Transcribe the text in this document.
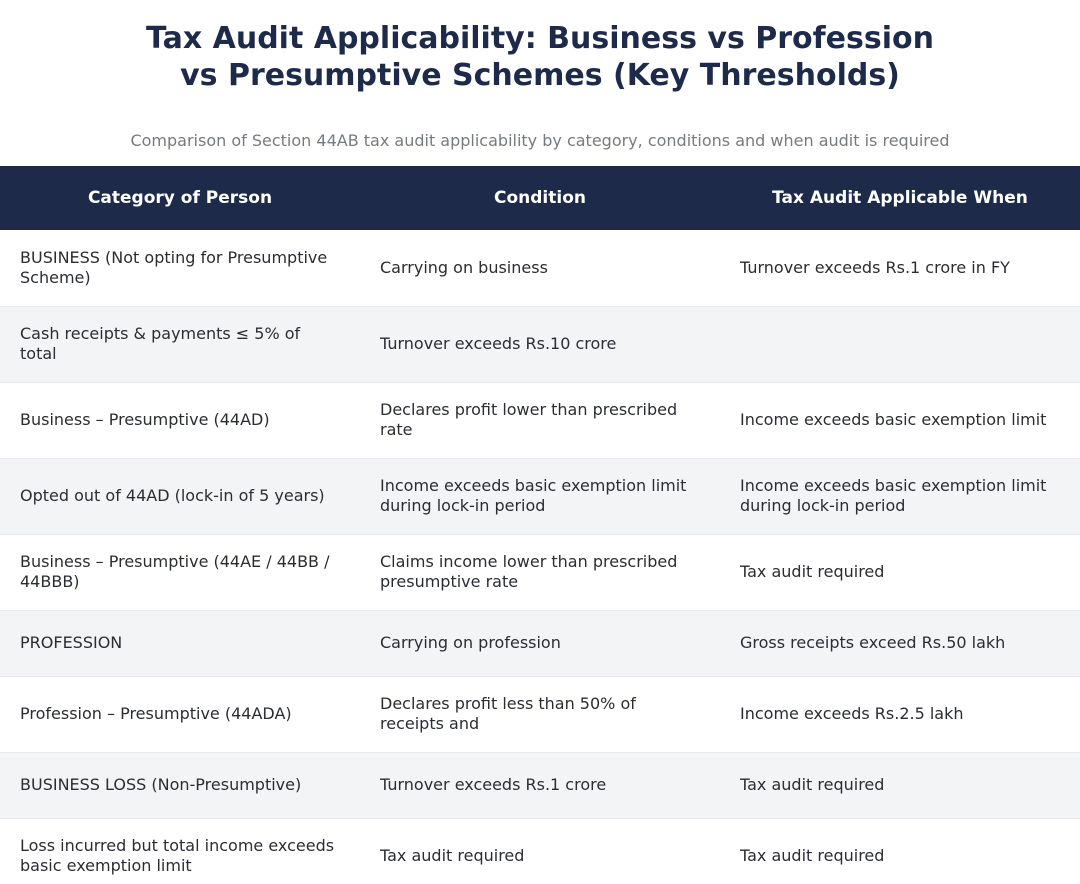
Tax Audit Applicability: Business vs Profession
vs Presumptive Schemes (Key Thresholds)
Comparison of Section 44AB tax audit applicability by category, conditions and when audit is required
Category of Person	Condition	Tax Audit Applicable When
BUSINESS (Not opting for Presumptive Scheme)	Carrying on business	Turnover exceeds Rs.1 crore in FY
Cash receipts & payments ≤ 5% of total	Turnover exceeds Rs.10 crore	
Business – Presumptive (44AD)	Declares profit lower than prescribed rate	Income exceeds basic exemption limit
Opted out of 44AD (lock-in of 5 years)	Income exceeds basic exemption limit during lock-in period	Income exceeds basic exemption limit during lock-in period
Business – Presumptive (44AE / 44BB / 44BBB)	Claims income lower than prescribed presumptive rate	Tax audit required
PROFESSION	Carrying on profession	Gross receipts exceed Rs.50 lakh
Profession – Presumptive (44ADA)	Declares profit less than 50% of receipts and	Income exceeds Rs.2.5 lakh
BUSINESS LOSS (Non-Presumptive)	Turnover exceeds Rs.1 crore	Tax audit required
Loss incurred but total income exceeds basic exemption limit	Tax audit required	Tax audit required
